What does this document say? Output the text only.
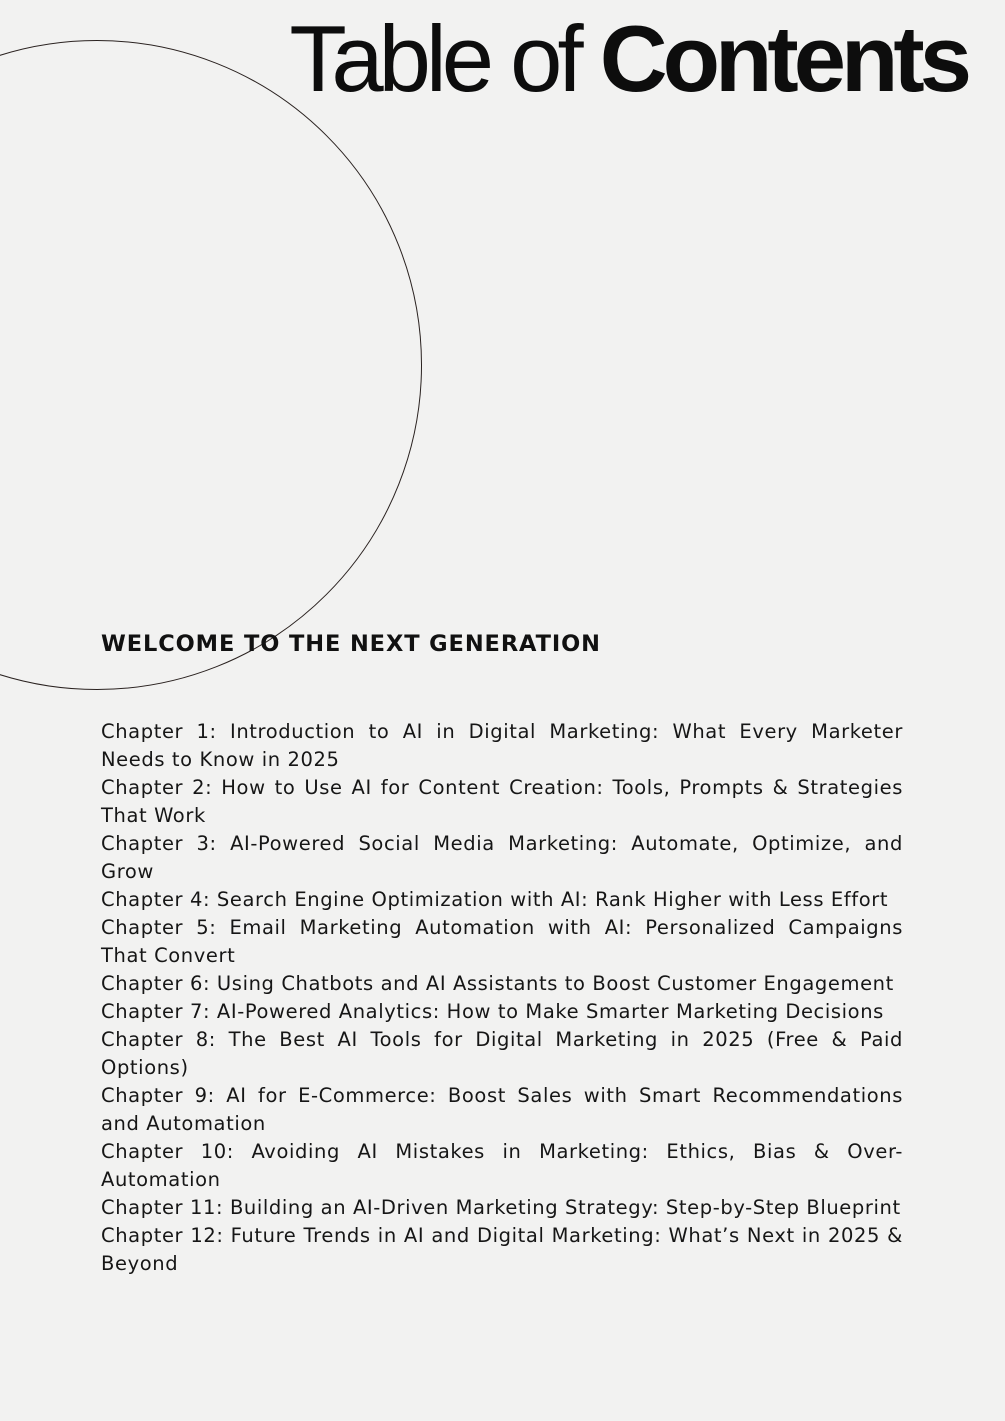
Table of Contents
WELCOME TO THE NEXT GENERATION
Chapter 1: Introduction to AI in Digital Marketing: What Every Marketer Needs to Know in 2025
Chapter 2: How to Use AI for Content Creation: Tools, Prompts & Strategies That Work
Chapter 3: AI-Powered Social Media Marketing: Automate, Optimize, and Grow
Chapter 4: Search Engine Optimization with AI: Rank Higher with Less Effort
Chapter 5: Email Marketing Automation with AI: Personalized Campaigns That Convert
Chapter 6: Using Chatbots and AI Assistants to Boost Customer Engagement
Chapter 7: AI-Powered Analytics: How to Make Smarter Marketing Decisions
Chapter 8: The Best AI Tools for Digital Marketing in 2025 (Free & Paid Options)
Chapter 9: AI for E-Commerce: Boost Sales with Smart Recommendations and Automation
Chapter 10: Avoiding AI Mistakes in Marketing: Ethics, Bias & Over-Automation
Chapter 11: Building an AI-Driven Marketing Strategy: Step-by-Step Blueprint
Chapter 12: Future Trends in AI and Digital Marketing: What’s Next in 2025 & Beyond
